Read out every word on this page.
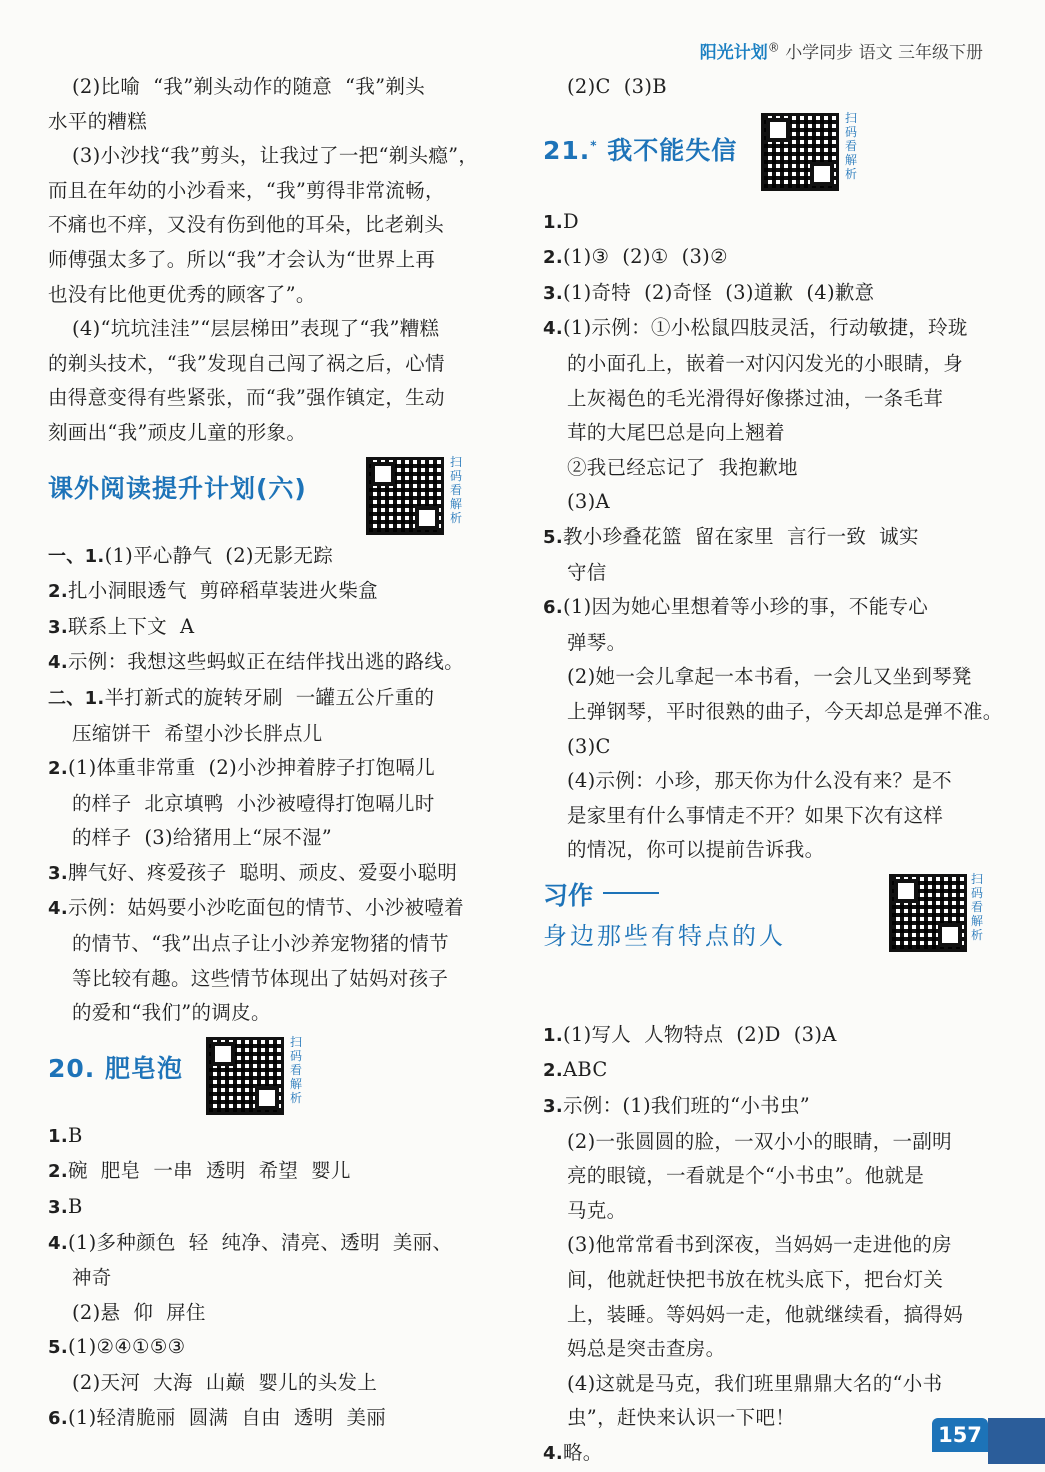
阳光计划® 小学同步 语文 三年级下册
(2)比喻  “我”剃头动作的随意  “我”剃头
水平的糟糕
(3)小沙找“我”剪头，让我过了一把“剃头瘾”，
而且在年幼的小沙看来，“我”剪得非常流畅，
不痛也不痒，又没有伤到他的耳朵，比老剃头
师傅强太多了。所以“我”才会认为“世界上再
也没有比他更优秀的顾客了”。
(4)“坑坑洼洼”“层层梯田”表现了“我”糟糕
的剃头技术，“我”发现自己闯了祸之后，心情
由得意变得有些紧张，而“我”强作镇定，生动
刻画出“我”顽皮儿童的形象。
课外阅读提升计划(六)
扫
码
看
解
析
一、1.(1)平心静气  (2)无影无踪
2.扎小洞眼透气  剪碎稻草装进火柴盒
3.联系上下文  A
4.示例：我想这些蚂蚁正在结伴找出逃的路线。
二、1.半打新式的旋转牙刷  一罐五公斤重的
压缩饼干  希望小沙长胖点儿
2.(1)体重非常重  (2)小沙抻着脖子打饱嗝儿
的样子  北京填鸭  小沙被噎得打饱嗝儿时
的样子  (3)给猪用上“尿不湿”
3.脾气好、疼爱孩子  聪明、顽皮、爱耍小聪明
4.示例：姑妈要小沙吃面包的情节、小沙被噎着
的情节、“我”出点子让小沙养宠物猪的情节
等比较有趣。这些情节体现出了姑妈对孩子
的爱和“我们”的调皮。
20. 肥皂泡
扫
码
看
解
析
1.B
2.碗  肥皂  一串  透明  希望  婴儿
3.B
4.(1)多种颜色  轻  纯净、清亮、透明  美丽、
神奇
(2)悬  仰  屏住
5.(1)②④①⑤③
(2)天河  大海  山巅  婴儿的头发上
6.(1)轻清脆丽  圆满  自由  透明  美丽
(2)C  (3)B
21.* 我不能失信
扫
码
看
解
析
1.D
2.(1)③  (2)①  (3)②
3.(1)奇特  (2)奇怪  (3)道歉  (4)歉意
4.(1)示例：①小松鼠四肢灵活，行动敏捷，玲珑
的小面孔上，嵌着一对闪闪发光的小眼睛，身
上灰褐色的毛光滑得好像搽过油，一条毛茸
茸的大尾巴总是向上翘着
②我已经忘记了  我抱歉地
(3)A
5.教小珍叠花篮  留在家里  言行一致  诚实
守信
6.(1)因为她心里想着等小珍的事，不能专心
弹琴。
(2)她一会儿拿起一本书看，一会儿又坐到琴凳
上弹钢琴，平时很熟的曲子，今天却总是弹不准。
(3)C
(4)示例：小珍，那天你为什么没有来？是不
是家里有什么事情走不开？如果下次有这样
的情况，你可以提前告诉我。
习作
身边那些有特点的人
扫
码
看
解
析
1.(1)写人  人物特点  (2)D  (3)A
2.ABC
3.示例：(1)我们班的“小书虫”
(2)一张圆圆的脸，一双小小的眼睛，一副明
亮的眼镜，一看就是个“小书虫”。他就是
马克。
(3)他常常看书到深夜，当妈妈一走进他的房
间，他就赶快把书放在枕头底下，把台灯关
上，装睡。等妈妈一走，他就继续看，搞得妈
妈总是突击查房。
(4)这就是马克，我们班里鼎鼎大名的“小书
虫”，赶快来认识一下吧！
4.略。
157
